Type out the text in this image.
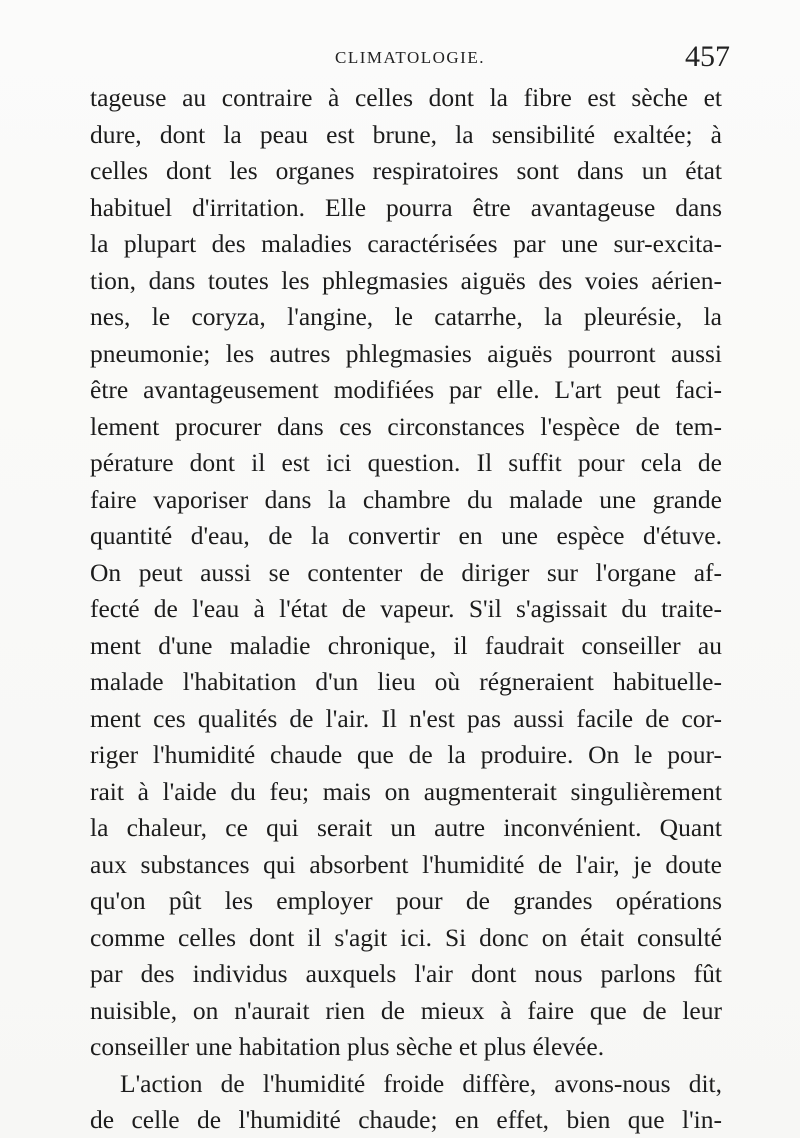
CLIMATOLOGIE.	457
tageuse au contraire à celles dont la fibre est sèche et
dure, dont la peau est brune, la sensibilité exaltée; à
celles dont les organes respiratoires sont dans un état
habituel d'irritation. Elle pourra être avantageuse dans
la plupart des maladies caractérisées par une sur-excita-
tion, dans toutes les phlegmasies aiguës des voies aérien-
nes, le coryza, l'angine, le catarrhe, la pleurésie, la
pneumonie; les autres phlegmasies aiguës pourront aussi
être avantageusement modifiées par elle. L'art peut faci-
lement procurer dans ces circonstances l'espèce de tem-
pérature dont il est ici question. Il suffit pour cela de
faire vaporiser dans la chambre du malade une grande
quantité d'eau, de la convertir en une espèce d'étuve.
On peut aussi se contenter de diriger sur l'organe af-
fecté de l'eau à l'état de vapeur. S'il s'agissait du traite-
ment d'une maladie chronique, il faudrait conseiller au
malade l'habitation d'un lieu où régneraient habituelle-
ment ces qualités de l'air. Il n'est pas aussi facile de cor-
riger l'humidité chaude que de la produire. On le pour-
rait à l'aide du feu; mais on augmenterait singulièrement
la chaleur, ce qui serait un autre inconvénient. Quant
aux substances qui absorbent l'humidité de l'air, je doute
qu'on pût les employer pour de grandes opérations
comme celles dont il s'agit ici. Si donc on était consulté
par des individus auxquels l'air dont nous parlons fût
nuisible, on n'aurait rien de mieux à faire que de leur
conseiller une habitation plus sèche et plus élevée.
L'action de l'humidité froide diffère, avons-nous dit,
de celle de l'humidité chaude; en effet, bien que l'in-
